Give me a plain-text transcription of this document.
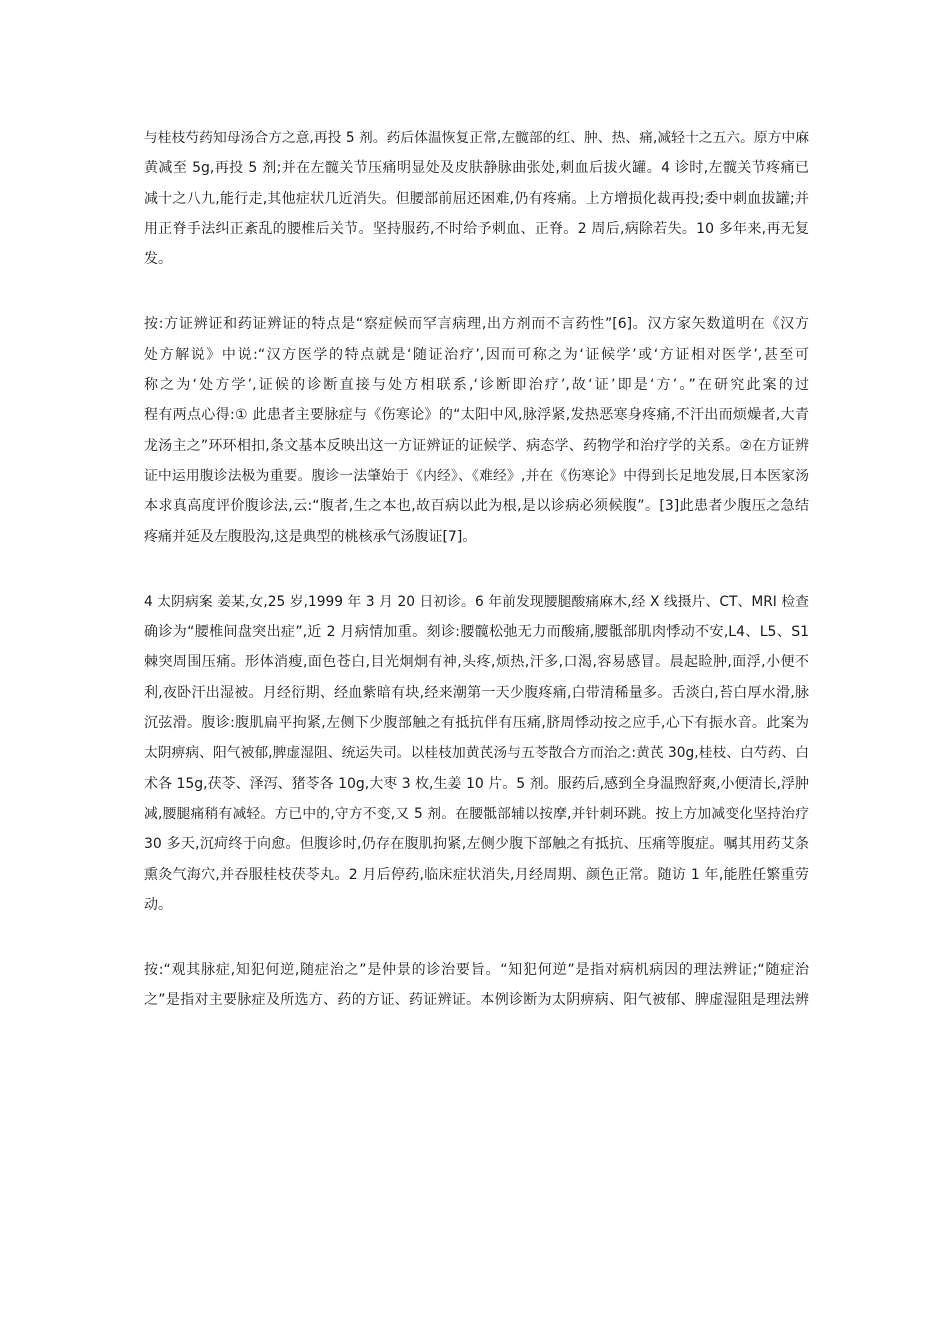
与桂枝芍药知母汤合方之意,再投 5 剂。药后体温恢复正常,左髋部的红、肿、热、痛,减轻十之五六。原方中麻
黄减至 5g,再投 5 剂;并在左髋关节压痛明显处及皮肤静脉曲张处,刺血后拔火罐。4 诊时,左髋关节疼痛已
减十之八九,能行走,其他症状几近消失。但腰部前屈还困难,仍有疼痛。上方增损化裁再投;委中刺血拔罐;并
用正脊手法纠正紊乱的腰椎后关节。坚持服药,不时给予刺血、正脊。2 周后,病除若失。10 多年来,再无复
发。
按:方证辨证和药证辨证的特点是“察症候而罕言病理,出方剂而不言药性”[6]。汉方家矢数道明在《汉方
处方解说》中说:“汉方医学的特点就是‘随证治疗’,因而可称之为‘证候学’或‘方证相对医学’,甚至可
称之为‘处方学’,证候的诊断直接与处方相联系,‘诊断即治疗’,故‘证’即是‘方’。”在研究此案的过
程有两点心得:① 此患者主要脉症与《伤寒论》的“太阳中风,脉浮紧,发热恶寒身疼痛,不汗出而烦燥者,大青
龙汤主之”环环相扣,条文基本反映出这一方证辨证的证候学、病态学、药物学和治疗学的关系。②在方证辨
证中运用腹诊法极为重要。腹诊一法肇始于《内经》、《难经》,并在《伤寒论》中得到长足地发展,日本医家汤
本求真高度评价腹诊法,云:“腹者,生之本也,故百病以此为根,是以诊病必须候腹”。[3]此患者少腹压之急结
疼痛并延及左腹股沟,这是典型的桃核承气汤腹证[7]。
4 太阴病案 姜某,女,25 岁,1999 年 3 月 20 日初诊。6 年前发现腰腿酸痛麻木,经 X 线摄片、CT、MRI 检查
确诊为“腰椎间盘突出症”,近 2 月病情加重。刻诊:腰髋松弛无力而酸痛,腰骶部肌肉悸动不安,L4、L5、S1
棘突周围压痛。形体消瘦,面色苍白,目光炯炯有神,头疼,烦热,汗多,口渴,容易感冒。晨起睑肿,面浮,小便不
利,夜卧汗出湿被。月经衍期、经血紫暗有块,经来潮第一天少腹疼痛,白带清稀量多。舌淡白,苔白厚水滑,脉
沉弦滑。腹诊:腹肌扁平拘紧,左侧下少腹部触之有抵抗伴有压痛,脐周悸动按之应手,心下有振水音。此案为
太阴痹病、阳气被郁,脾虚湿阻、统运失司。以桂枝加黄芪汤与五苓散合方而治之:黄芪 30g,桂枝、白芍药、白
术各 15g,茯苓、泽泻、猪苓各 10g,大枣 3 枚,生姜 10 片。5 剂。服药后,感到全身温煦舒爽,小便清长,浮肿
减,腰腿痛稍有减轻。方已中的,守方不变,又 5 剂。在腰骶部辅以按摩,并针刺环跳。按上方加减变化坚持治疗
30 多天,沉疴终于向愈。但腹诊时,仍存在腹肌拘紧,左侧少腹下部触之有抵抗、压痛等腹症。嘱其用药艾条
熏灸气海穴,并吞服桂枝茯苓丸。2 月后停药,临床症状消失,月经周期、颜色正常。随访 1 年,能胜任繁重劳
动。
按:“观其脉症,知犯何逆,随症治之”是仲景的诊治要旨。“知犯何逆”是指对病机病因的理法辨证;“随症治
之”是指对主要脉症及所选方、药的方证、药证辨证。本例诊断为太阴痹病、阳气被郁、脾虚湿阻是理法辨
